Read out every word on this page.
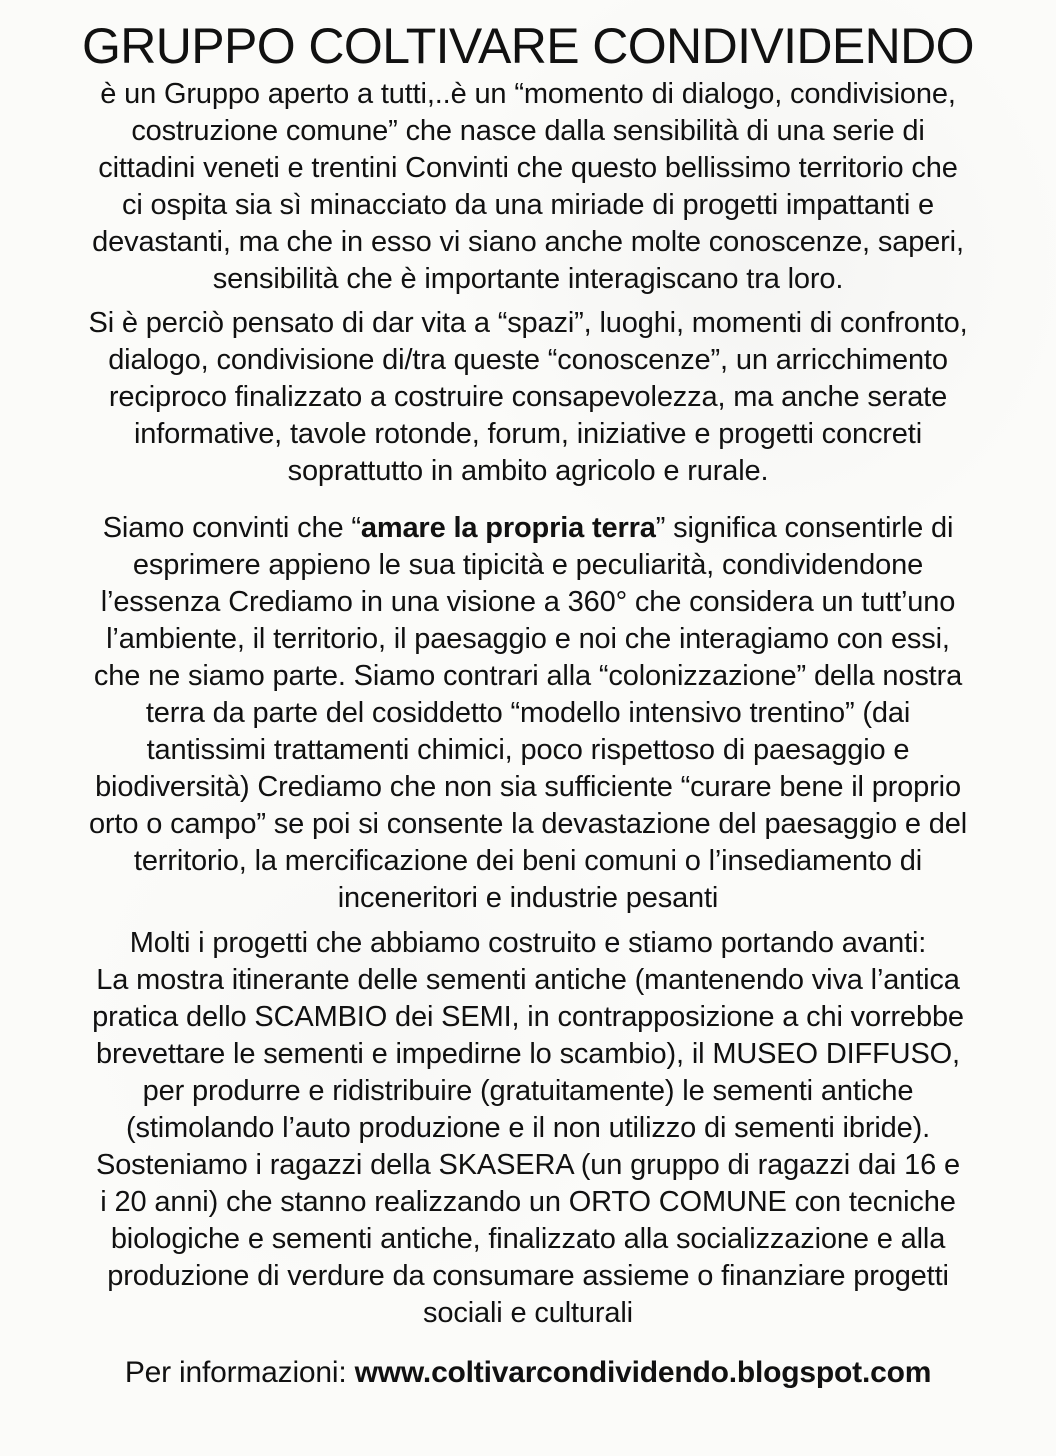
GRUPPO COLTIVARE CONDIVIDENDO
è un Gruppo aperto a tutti,..è un “momento di dialogo, condivisione,
costruzione comune” che nasce dalla sensibilità di una serie di
cittadini veneti e trentini Convinti che questo bellissimo territorio che
ci ospita sia sì minacciato da una miriade di progetti impattanti e
devastanti, ma che in esso vi siano anche molte conoscenze, saperi,
sensibilità che è importante interagiscano tra loro.
Si è perciò pensato di dar vita a “spazi”, luoghi, momenti di confronto,
dialogo, condivisione di/tra queste “conoscenze”, un arricchimento
reciproco finalizzato a costruire consapevolezza, ma anche serate
informative, tavole rotonde, forum, iniziative e progetti concreti
soprattutto in ambito agricolo e rurale.
Siamo convinti che “amare la propria terra” significa consentirle di
esprimere appieno le sua tipicità e peculiarità, condividendone
l’essenza Crediamo in una visione a 360° che considera un tutt’uno
l’ambiente, il territorio, il paesaggio e noi che interagiamo con essi,
che ne siamo parte. Siamo contrari alla “colonizzazione” della nostra
terra da parte del cosiddetto “modello intensivo trentino” (dai
tantissimi trattamenti chimici, poco rispettoso di paesaggio e
biodiversità) Crediamo che non sia sufficiente “curare bene il proprio
orto o campo” se poi si consente la devastazione del paesaggio e del
territorio, la mercificazione dei beni comuni o l’insediamento di
inceneritori e industrie pesanti
Molti i progetti che abbiamo costruito e stiamo portando avanti:
La mostra itinerante delle sementi antiche (mantenendo viva l’antica
pratica dello SCAMBIO dei SEMI, in contrapposizione a chi vorrebbe
brevettare le sementi e impedirne lo scambio), il MUSEO DIFFUSO,
per produrre e ridistribuire (gratuitamente) le sementi antiche
(stimolando l’auto produzione e il non utilizzo di sementi ibride).
Sosteniamo i ragazzi della SKASERA (un gruppo di ragazzi dai 16 e
i 20 anni) che stanno realizzando un ORTO COMUNE con tecniche
biologiche e sementi antiche, finalizzato alla socializzazione e alla
produzione di verdure da consumare assieme o finanziare progetti
sociali e culturali
Per informazioni: www.coltivarcondividendo.blogspot.com
